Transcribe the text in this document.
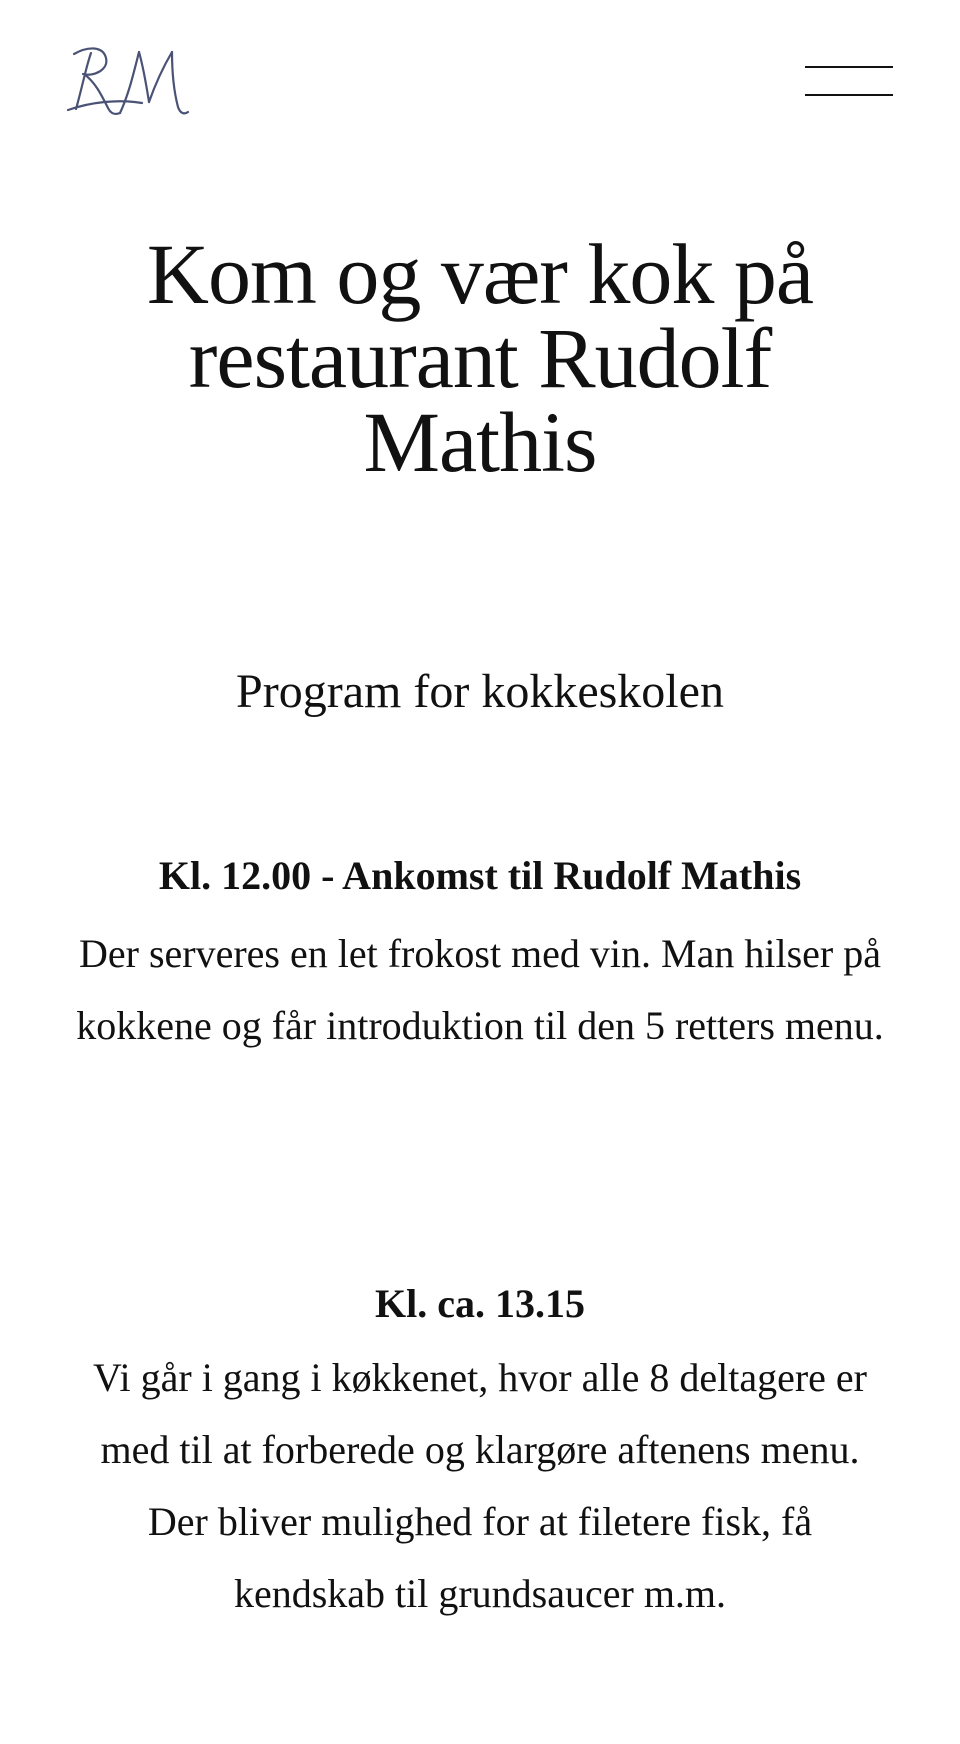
Kom og vær kok på restaurant Rudolf Mathis
Program for kokkeskolen

Kl. 12.00 - Ankomst til Rudolf Mathis

Der serveres en let frokost med vin. Man hilser på kokkene og får introduktion til den 5 retters menu.

Kl. ca. 13.15

Vi går i gang i køkkenet, hvor alle 8 deltagere er med til at forberede og klargøre aftenens menu. Der bliver mulighed for at filetere fisk, få kendskab til grundsaucer m.m.
